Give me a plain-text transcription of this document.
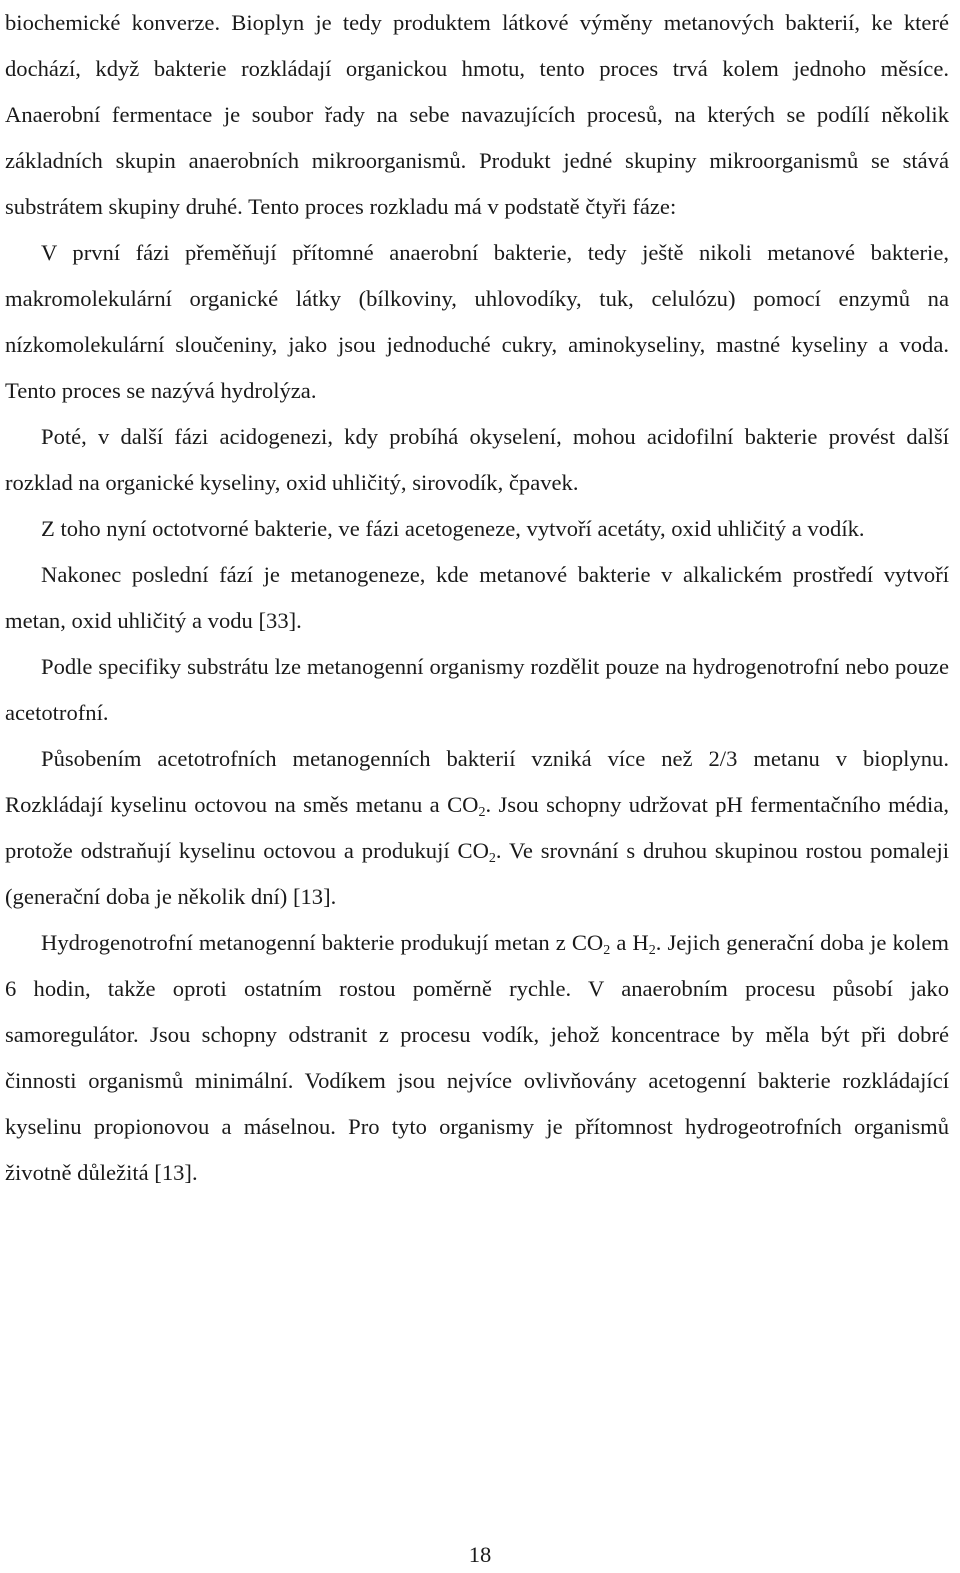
biochemické konverze. Bioplyn je tedy produktem látkové výměny metanových bakterií, ke které dochází, když bakterie rozkládají organickou hmotu, tento proces trvá kolem jednoho měsíce. Anaerobní fermentace je soubor řady na sebe navazujících procesů, na kterých se podílí několik základních skupin anaerobních mikroorganismů. Produkt jedné skupiny mikroorganismů se stává substrátem skupiny druhé. Tento proces rozkladu má v podstatě čtyři fáze:

V první fázi přeměňují přítomné anaerobní bakterie, tedy ještě nikoli metanové bakterie, makromolekulární organické látky (bílkoviny, uhlovodíky, tuk, celulózu) pomocí enzymů na nízkomolekulární sloučeniny, jako jsou jednoduché cukry, aminokyseliny, mastné kyseliny a voda. Tento proces se nazývá hydrolýza.

Poté, v další fázi acidogenezi, kdy probíhá okyselení, mohou acidofilní bakterie provést další rozklad na organické kyseliny, oxid uhličitý, sirovodík, čpavek.

Z toho nyní octotvorné bakterie, ve fázi acetogeneze, vytvoří acetáty, oxid uhličitý a vodík.

Nakonec poslední fází je metanogeneze, kde metanové bakterie v alkalickém prostředí vytvoří metan, oxid uhličitý a vodu [33].

Podle specifiky substrátu lze metanogenní organismy rozdělit pouze na hydrogenotrofní nebo pouze acetotrofní.

Působením acetotrofních metanogenních bakterií vzniká více než 2/3 metanu v bioplynu. Rozkládají kyselinu octovou na směs metanu a $CO_2$. Jsou schopny udržovat pH fermentačního média, protože odstraňují kyselinu octovou a produkují $CO_2$. Ve srovnání s druhou skupinou rostou pomaleji (generační doba je několik dní) [13].

Hydrogenotrofní metanogenní bakterie produkují metan z $CO_2$ a $H_2$. Jejich generační doba je kolem 6 hodin, takže oproti ostatním rostou poměrně rychle. V anaerobním procesu působí jako samoregulátor. Jsou schopny odstranit z procesu vodík, jehož koncentrace by měla být při dobré činnosti organismů minimální. Vodíkem jsou nejvíce ovlivňovány acetogenní bakterie rozkládající kyselinu propionovou a máselnou. Pro tyto organismy je přítomnost hydrogeotrofních organismů životně důležitá [13].

18
